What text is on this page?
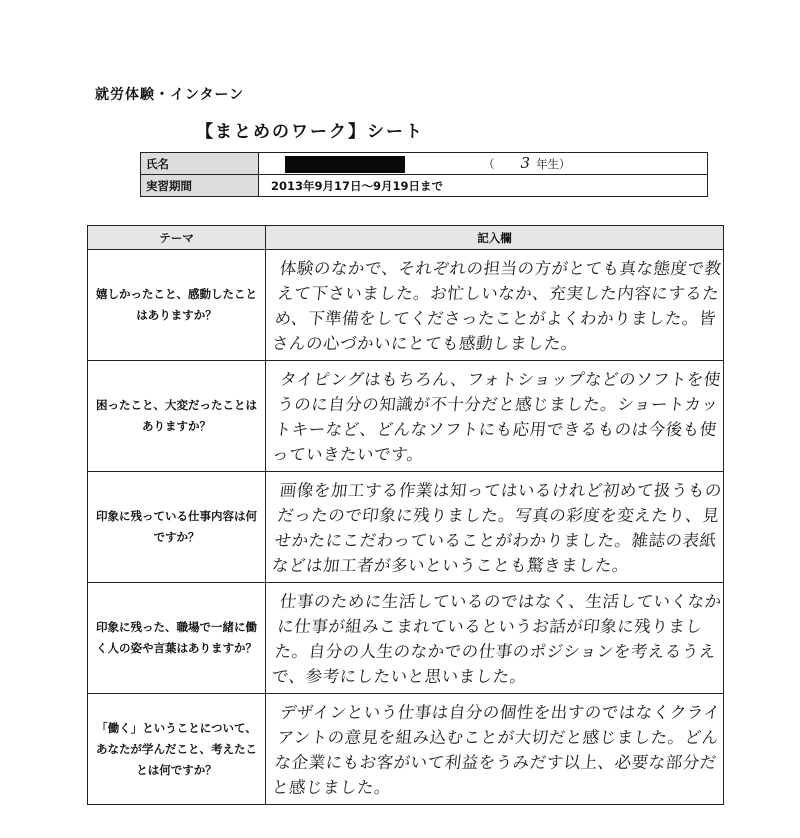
就労体験・インターン
【まとめのワーク】シート
氏名	（ 3 年生）
実習期間	2013年9月17日～9月19日まで
テーマ	記入欄
嬉しかったこと、感動したことはありますか？	体験のなかで、それぞれの担当の方がとても真な態度で教えて下さいました。お忙しいなか、充実した内容にするため、下準備をしてくださったことがよくわかりました。皆さんの心づかいにとても感動しました。

困ったこと、大変だったことはありますか？	タイピングはもちろん、フォトショップなどのソフトを使うのに自分の知識が不十分だと感じました。ショートカットキーなど、どんなソフトにも応用できるものは今後も使っていきたいです。

印象に残っている仕事内容は何ですか？	画像を加工する作業は知ってはいるけれど初めて扱うものだったので印象に残りました。写真の彩度を変えたり、見せかたにこだわっていることがわかりました。雑誌の表紙などは加工者が多いということも驚きました。

印象に残った、職場で一緒に働く人の姿や言葉はありますか？	仕事のために生活しているのではなく、生活していくなかに仕事が組みこまれているというお話が印象に残りました。自分の人生のなかでの仕事のポジションを考えるうえで、参考にしたいと思いました。

「働く」ということについて、あなたが学んだこと、考えたことは何ですか？	デザインという仕事は自分の個性を出すのではなくクライアントの意見を組み込むことが大切だと感じました。どんな企業にもお客がいて利益をうみだす以上、必要な部分だと感じました。
